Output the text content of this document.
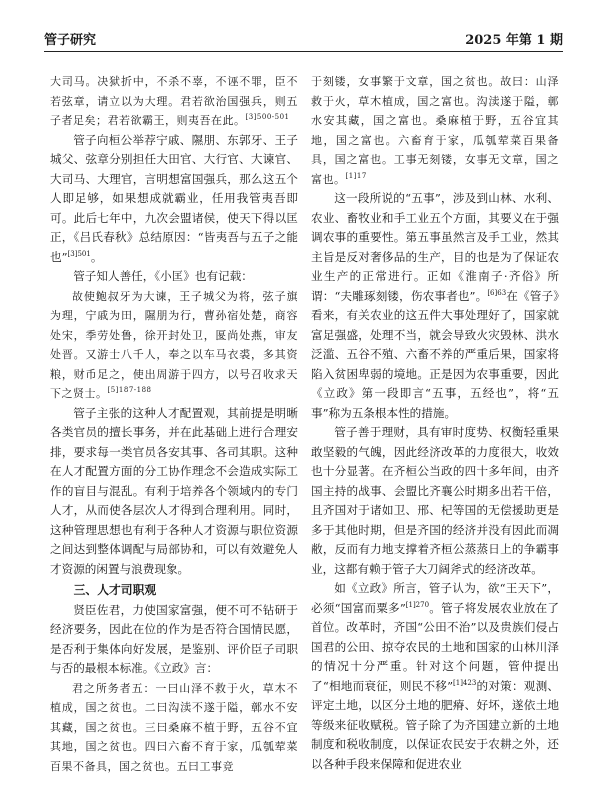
管子研究	2025 年第 1 期

大司马。决狱折中，不杀不辜，不诬不罪，臣不若弦章，请立以为大理。君若欲治国强兵，则五子者足矣；君若欲霸王，则夷吾在此。$^{[3]500-501}$

管子向桓公举荐宁戚、隰朋、东郭牙、王子城父、弦章分别担任大田官、大行官、大谏官、大司马、大理官，言明想富国强兵，那么这五个人即足够，如果想成就霸业，任用我管夷吾即可。此后七年中，九次会盟诸侯，使天下得以匡正，《吕氏春秋》总结原因：“皆夷吾与五子之能也”$^{[3]501}$。

管子知人善任，《小匡》也有记载：

故使鲍叔牙为大谏，王子城父为将，弦子旗为理，宁戚为田，隰朋为行，曹孙宿处楚，商容处宋，季劳处鲁，徐开封处卫，匽尚处燕，审友处晋。又游士八千人，奉之以车马衣裘，多其资粮，财币足之，使出周游于四方，以号召收求天下之贤士。$^{[5]187-188}$

管子主张的这种人才配置观，其前提是明晰各类官员的擅长事务，并在此基础上进行合理安排，要求每一类官员各安其事、各司其职。这种在人才配置方面的分工协作理念不会造成实际工作的盲目与混乱。有利于培养各个领域内的专门人才，从而使各层次人才得到合理利用。同时，这种管理思想也有利于各种人才资源与职位资源之间达到整体调配与局部协和，可以有效避免人才资源的闲置与浪费现象。

三、人才司职观

贤臣佐君，力使国家富强，便不可不钻研于经济要务，因此在位的作为是否符合国情民愿，是否利于集体向好发展，是鉴别、评价臣子司职与否的最根本标准。《立政》言：

君之所务者五：一曰山泽不救于火，草木不植成，国之贫也。二曰沟渎不遂于隘，鄣水不安其藏，国之贫也。三曰桑麻不植于野，五谷不宜其地，国之贫也。四曰六畜不育于家，瓜瓠荤菜百果不备具，国之贫也。五曰工事竞

于刻镂，女事繁于文章，国之贫也。故曰：山泽救于火，草木植成，国之富也。沟渎遂于隘，鄣水安其藏，国之富也。桑麻植于野，五谷宜其地，国之富也。六畜育于家，瓜瓠荤菜百果备具，国之富也。工事无刻镂，女事无文章，国之富也。$^{[1]17}$

这一段所说的“五事”，涉及到山林、水利、农业、畜牧业和手工业五个方面，其要义在于强调农事的重要性。第五事虽然言及手工业，然其主旨是反对奢侈品的生产，目的也是为了保证农业生产的正常进行。正如《淮南子·齐俗》所谓：“夫雕琢刻镂，伤农事者也”。$^{[6]63}$在《管子》看来，有关农业的这五件大事处理好了，国家就富足强盛，处理不当，就会导致火灾毁林、洪水泛滥、五谷不殖、六畜不养的严重后果，国家将陷入贫困卑弱的境地。正是因为农事重要，因此《立政》第一段即言“五事，五经也”，将“五事”称为五条根本性的措施。

管子善于理财，具有审时度势、权衡轻重果敢坚毅的气魄，因此经济改革的力度很大，收效也十分显著。在齐桓公当政的四十多年间，由齐国主持的战事、会盟比齐襄公时期多出若干倍，且齐国对于诸如卫、邢、杞等国的无偿援助更是多于其他时期，但是齐国的经济并没有因此而凋敝，反而有力地支撑着齐桓公蒸蒸日上的争霸事业，这都有赖于管子大刀阔斧式的经济改革。

如《立政》所言，管子认为，欲“王天下”，必须“国富而粟多”$^{[1]270}$。管子将发展农业放在了首位。改革时，齐国“公田不治”以及贵族们侵占国君的公田、掠夺农民的土地和国家的山林川泽的情况十分严重。针对这个问题，管仲提出了“相地而衰征，则民不移”$^{[1]423}$的对策：观测、评定土地，以区分土地的肥瘠、好坏，遂依土地等级来征收赋税。管子除了为齐国建立新的土地制度和税收制度，以保证农民安于农耕之外，还以各种手段来保障和促进农业
